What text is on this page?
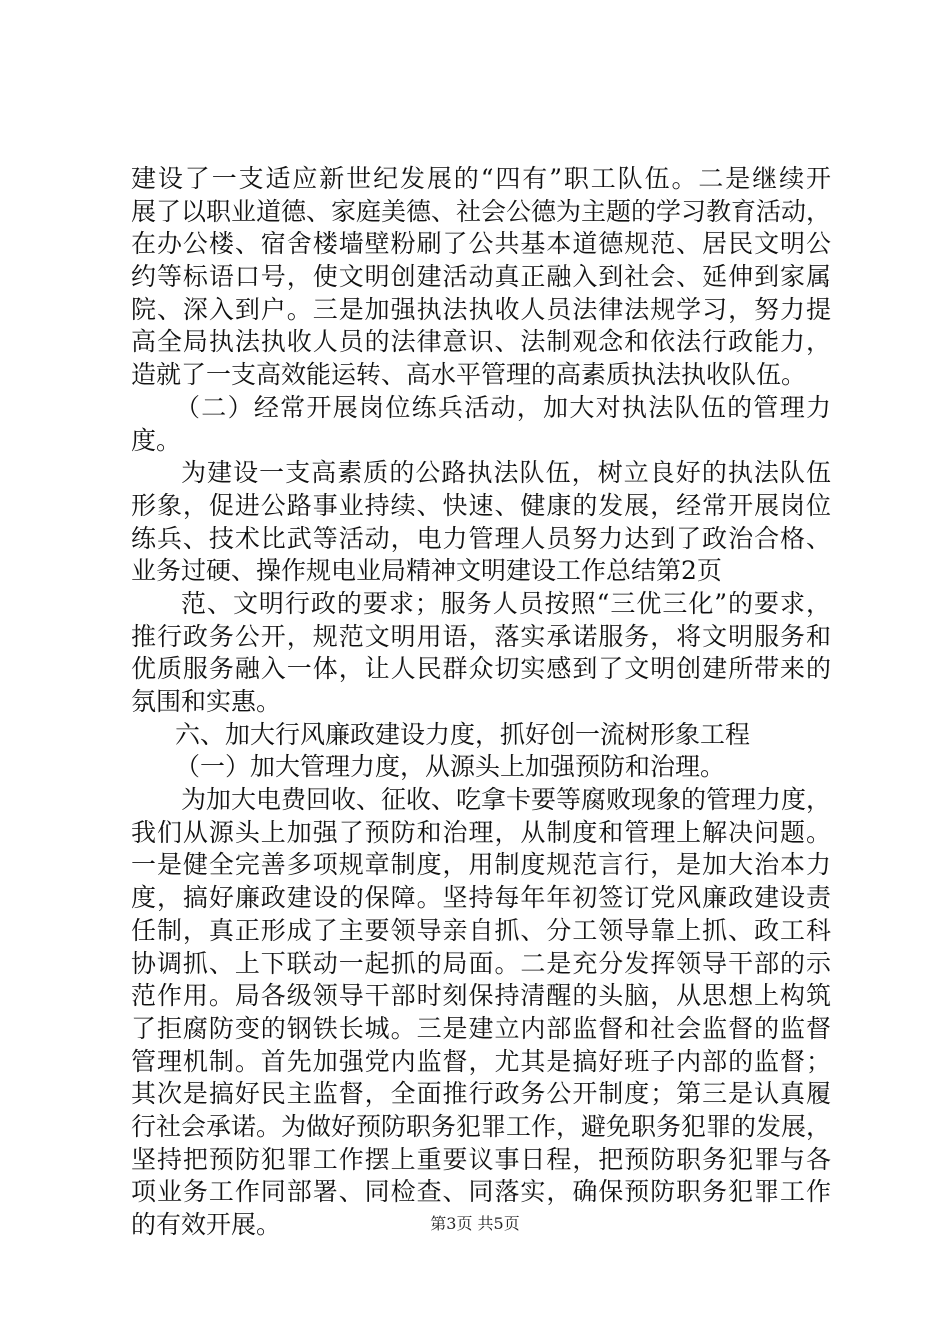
建设了一支适应新世纪发展的“四有”职工队伍。二是继续开
展了以职业道德、家庭美德、社会公德为主题的学习教育活动，
在办公楼、宿舍楼墙壁粉刷了公共基本道德规范、居民文明公
约等标语口号，使文明创建活动真正融入到社会、延伸到家属
院、深入到户。三是加强执法执收人员法律法规学习，努力提
高全局执法执收人员的法律意识、法制观念和依法行政能力，
造就了一支高效能运转、高水平管理的高素质执法执收队伍。
（二）经常开展岗位练兵活动，加大对执法队伍的管理力
度。
为建设一支高素质的公路执法队伍，树立良好的执法队伍
形象，促进公路事业持续、快速、健康的发展，经常开展岗位
练兵、技术比武等活动，电力管理人员努力达到了政治合格、
业务过硬、操作规电业局精神文明建设工作总结第2页
范、文明行政的要求；服务人员按照“三优三化”的要求，
推行政务公开，规范文明用语，落实承诺服务，将文明服务和
优质服务融入一体，让人民群众切实感到了文明创建所带来的
氛围和实惠。
六、加大行风廉政建设力度，抓好创一流树形象工程
（一）加大管理力度，从源头上加强预防和治理。
为加大电费回收、征收、吃拿卡要等腐败现象的管理力度，
我们从源头上加强了预防和治理，从制度和管理上解决问题。
一是健全完善多项规章制度，用制度规范言行，是加大治本力
度，搞好廉政建设的保障。坚持每年年初签订党风廉政建设责
任制，真正形成了主要领导亲自抓、分工领导靠上抓、政工科
协调抓、上下联动一起抓的局面。二是充分发挥领导干部的示
范作用。局各级领导干部时刻保持清醒的头脑，从思想上构筑
了拒腐防变的钢铁长城。三是建立内部监督和社会监督的监督
管理机制。首先加强党内监督，尤其是搞好班子内部的监督；
其次是搞好民主监督，全面推行政务公开制度；第三是认真履
行社会承诺。为做好预防职务犯罪工作，避免职务犯罪的发展，
坚持把预防犯罪工作摆上重要议事日程，把预防职务犯罪与各
项业务工作同部署、同检查、同落实，确保预防职务犯罪工作
的有效开展。	第3页 共5页
